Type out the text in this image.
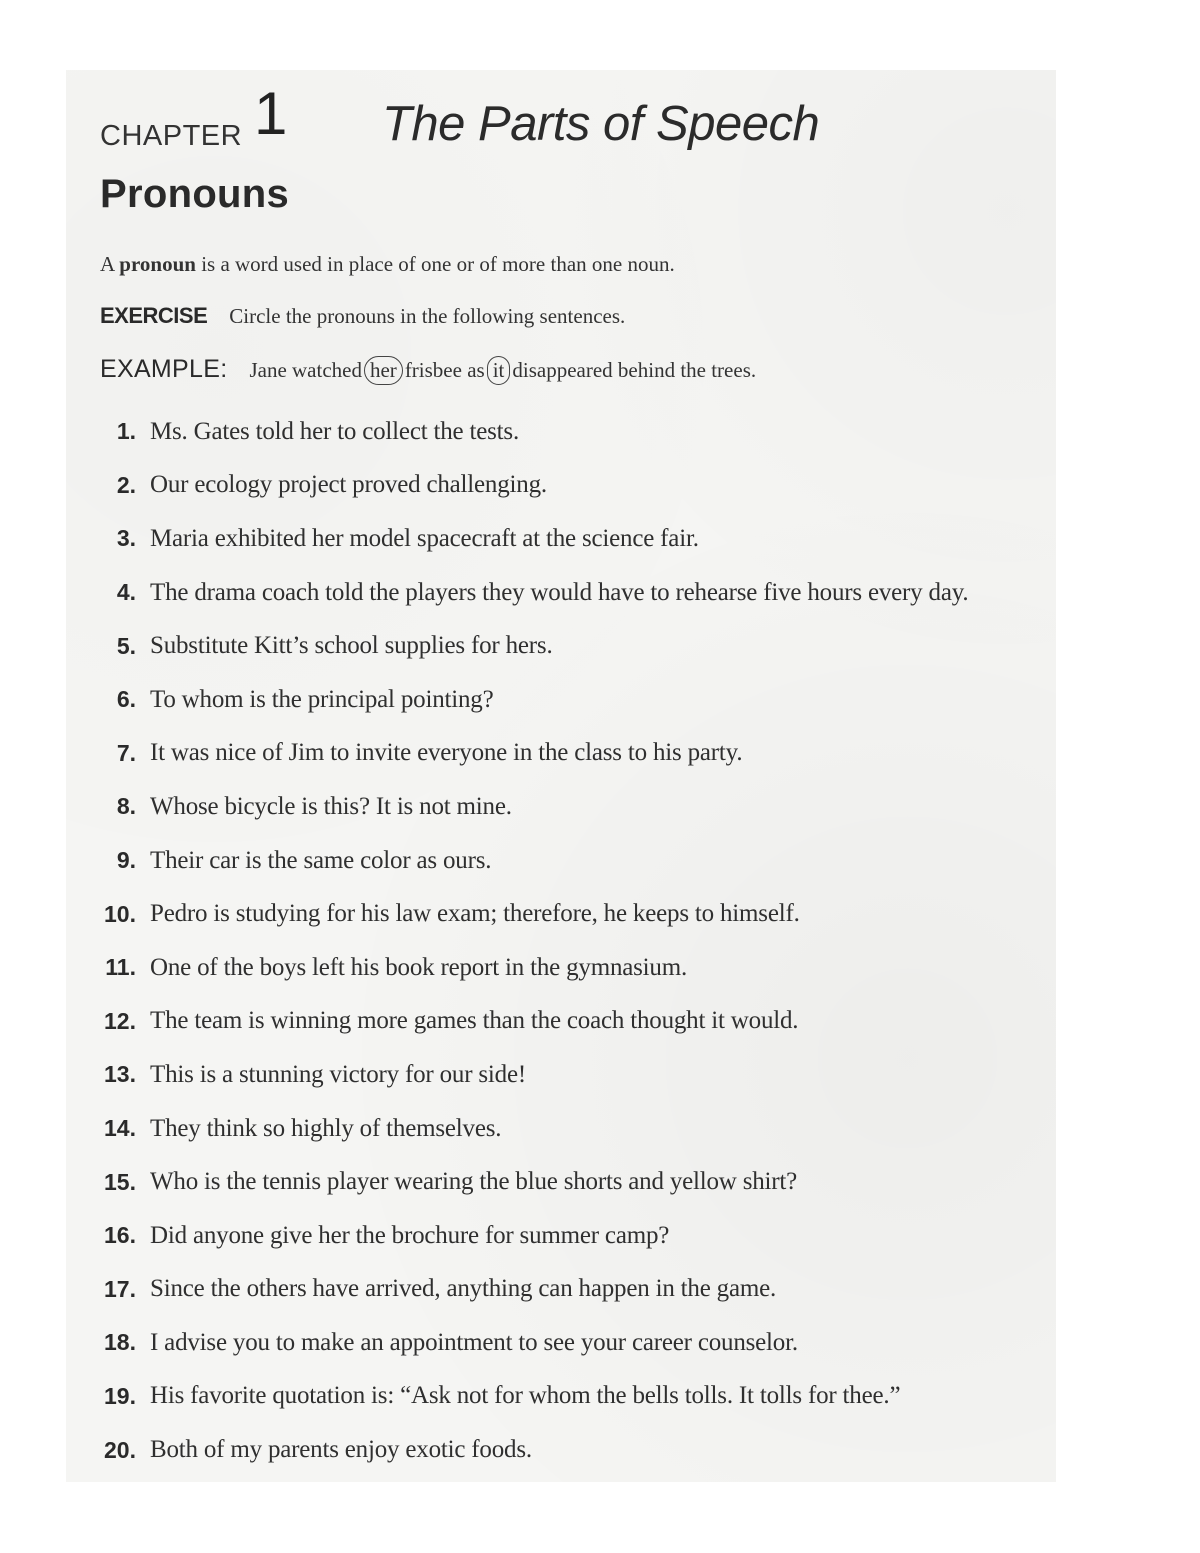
CHAPTER 1 The Parts of Speech
Pronouns
A pronoun is a word used in place of one or of more than one noun.
EXERCISE Circle the pronouns in the following sentences.
EXAMPLE: Jane watched her frisbee as it disappeared behind the trees.
1. Ms. Gates told her to collect the tests.
2. Our ecology project proved challenging.
3. Maria exhibited her model spacecraft at the science fair.
4. The drama coach told the players they would have to rehearse five hours every day.
5. Substitute Kitt’s school supplies for hers.
6. To whom is the principal pointing?
7. It was nice of Jim to invite everyone in the class to his party.
8. Whose bicycle is this? It is not mine.
9. Their car is the same color as ours.
10. Pedro is studying for his law exam; therefore, he keeps to himself.
11. One of the boys left his book report in the gymnasium.
12. The team is winning more games than the coach thought it would.
13. This is a stunning victory for our side!
14. They think so highly of themselves.
15. Who is the tennis player wearing the blue shorts and yellow shirt?
16. Did anyone give her the brochure for summer camp?
17. Since the others have arrived, anything can happen in the game.
18. I advise you to make an appointment to see your career counselor.
19. His favorite quotation is: “Ask not for whom the bells tolls. It tolls for thee.”
20. Both of my parents enjoy exotic foods.
